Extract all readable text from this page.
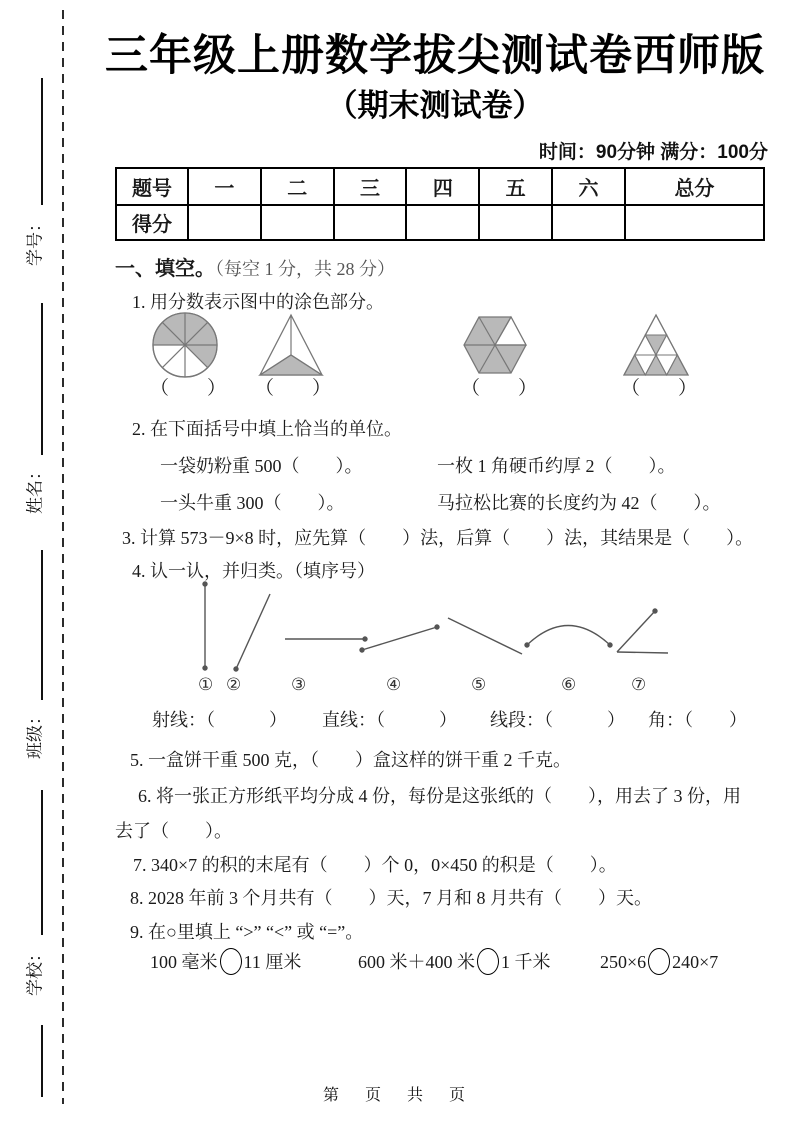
学号：
姓名：
班级：
学校：
三年级上册数学拔尖测试卷西师版
（期末测试卷）
时间：90分钟 满分：100分
题号	一	二	三	四	五	六	总分
得分							
一、填空。（每空 1 分，共 28 分）
1. 用分数表示图中的涂色部分。
（　　） （　　）	（　　）	（　　）
2. 在下面括号中填上恰当的单位。
一袋奶粉重 500（　　）。	一枚 1 角硬币约厚 2（　　）。
一头牛重 300（　　）。	马拉松比赛的长度约为 42（　　）。
3. 计算 573－9×8 时，应先算（　　）法，后算（　　）法，其结果是（　　）。
4. 认一认，并归类。（填序号）
① ②	③	④	⑤	⑥	⑦
射线：（　　　） 直线：（　　　） 线段：（　　　） 角：（　　）
5. 一盒饼干重 500 克，（　　）盒这样的饼干重 2 千克。
6. 将一张正方形纸平均分成 4 份，每份是这张纸的（　　），用去了 3 份，用
去了（　　）。
7. 340×7 的积的末尾有（　　）个 0，0×450 的积是（　　）。
8. 2028 年前 3 个月共有（　　）天，7 月和 8 月共有（　　）天。
9. 在○里填上 “>” “<” 或 “=”。
100 毫米 11 厘米	600 米＋400 米 1 千米	250×6 240×7
第　页　共　页
